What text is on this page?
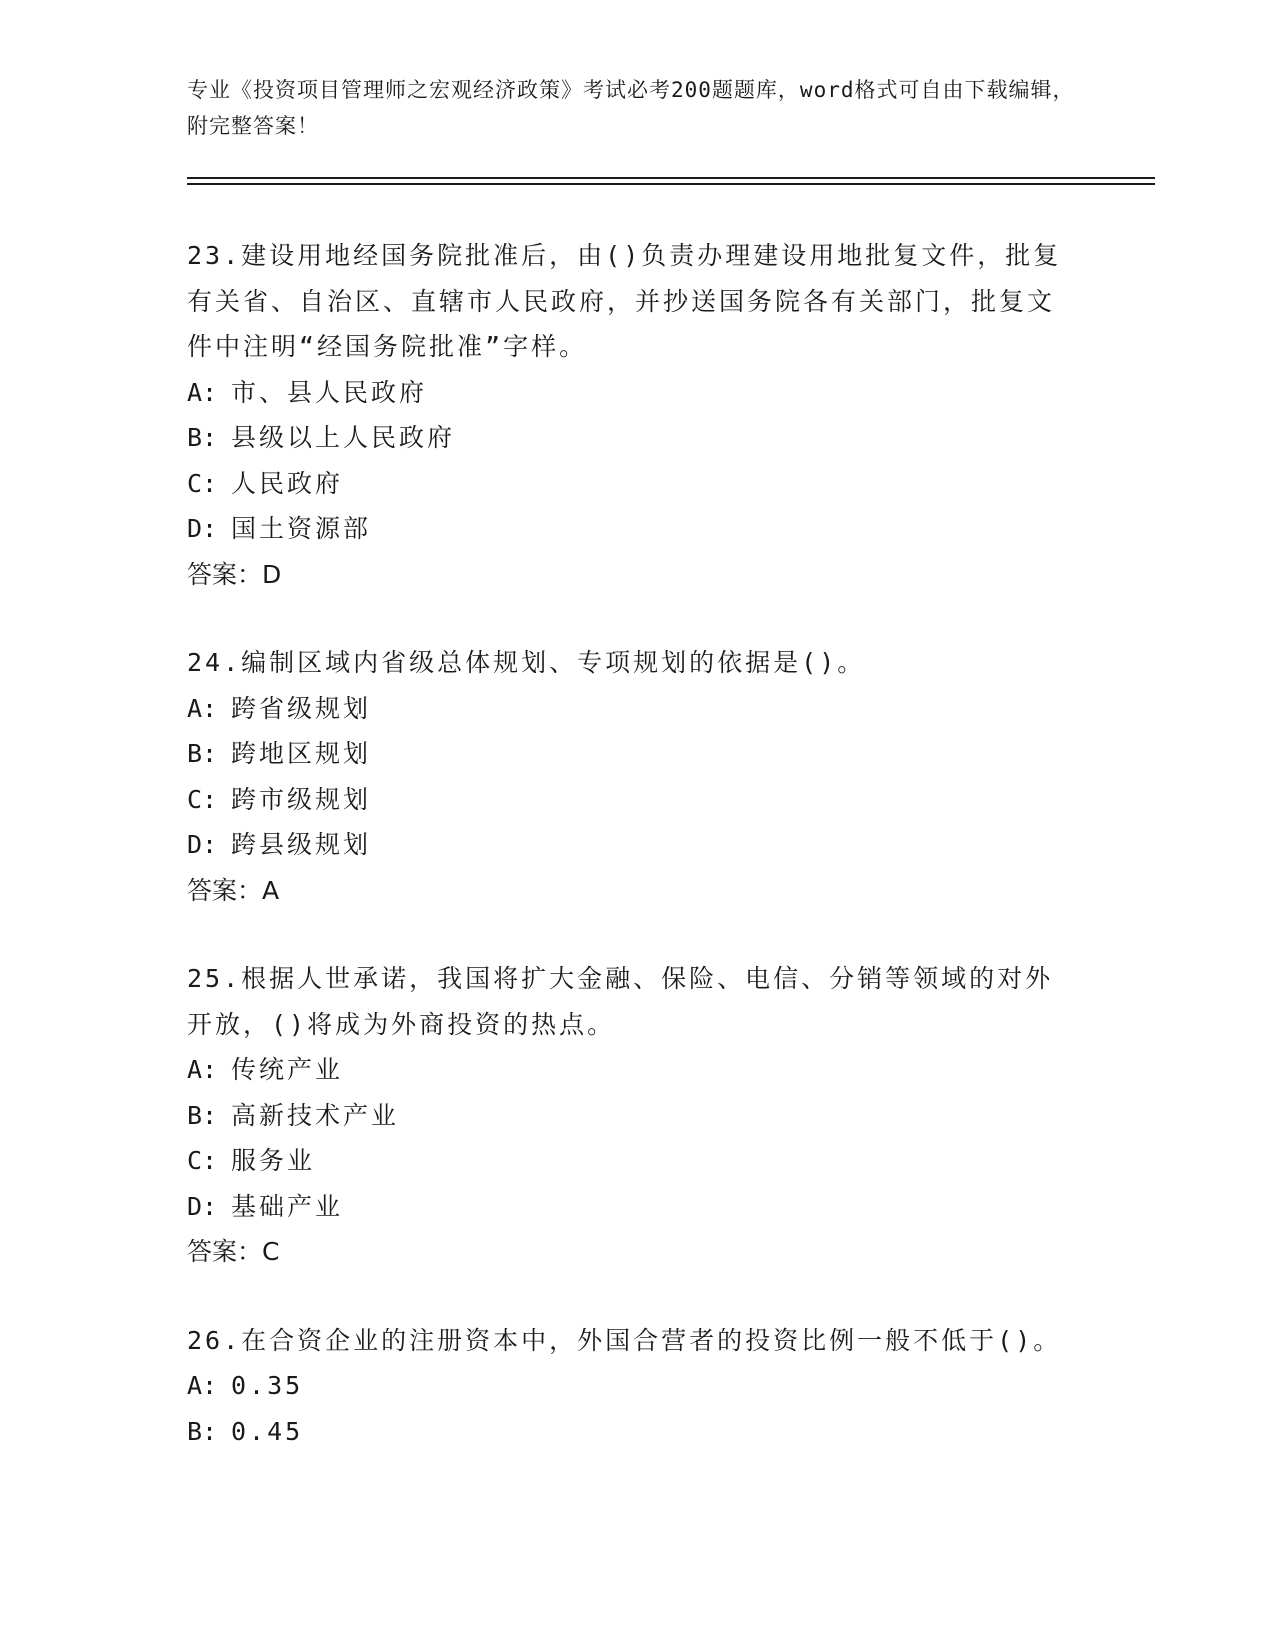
专业《投资项目管理师之宏观经济政策》考试必考200题题库，word格式可自由下载编辑，附完整答案！

23.建设用地经国务院批准后，由()负责办理建设用地批复文件，批复有关省、自治区、直辖市人民政府，并抄送国务院各有关部门，批复文件中注明“经国务院批准”字样。

A: 市、县人民政府

B: 县级以上人民政府

C: 人民政府

D: 国土资源部

答案：D

24.编制区域内省级总体规划、专项规划的依据是()。

A: 跨省级规划

B: 跨地区规划

C: 跨市级规划

D: 跨县级规划

答案：A

25.根据人世承诺，我国将扩大金融、保险、电信、分销等领域的对外开放，()将成为外商投资的热点。

A: 传统产业

B: 高新技术产业

C: 服务业

D: 基础产业

答案：C

26.在合资企业的注册资本中，外国合营者的投资比例一般不低于()。

A: 0.35

B: 0.45
